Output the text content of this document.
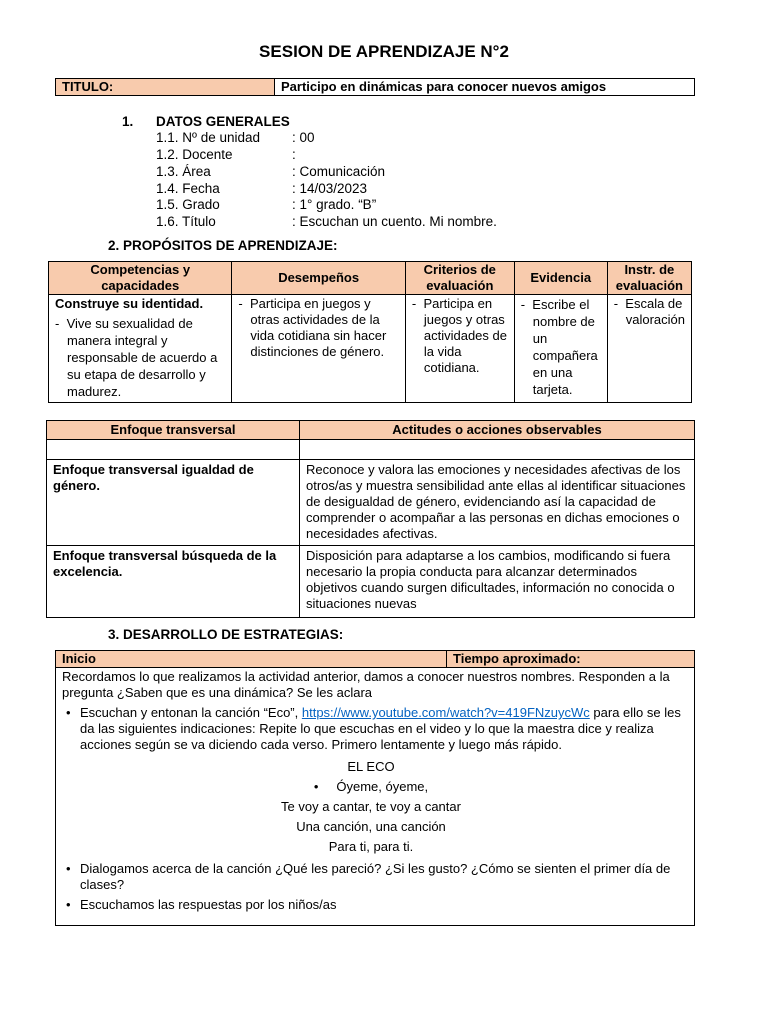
SESION DE APRENDIZAJE N°2
TITULO:	Participo en dinámicas para conocer nuevos amigos
1. DATOS GENERALES
1.1. Nº de unidad : 00
1.2. Docente	:
1.3. Área	: Comunicación
1.4. Fecha	: 14/03/2023
1.5. Grado	: 1° grado. “B”
1.6. Título	: Escuchan un cuento. Mi nombre.
2. PROPÓSITOS DE APRENDIZAJE:
Competencias y capacidades	Desempeños	Criterios de evaluación	Evidencia	Instr. de evaluación

Construye su identidad.
-  Vive su sexualidad de manera integral y responsable de acuerdo a su etapa de desarrollo y madurez.	-  Participa en juegos y otras actividades de la vida cotidiana sin hacer distinciones de género.	-  Participa en juegos y otras actividades de la vida cotidiana.	-  Escribe el nombre de un compañera en una tarjeta.	-  Escala de valoración
Enfoque transversal	Actitudes o acciones observables

Enfoque transversal igualdad de género.	Reconoce y valora las emociones y necesidades afectivas de los otros/as y muestra sensibilidad ante ellas al identificar situaciones de desigualdad de género, evidenciando así la capacidad de comprender o acompañar a las personas en dichas emociones o necesidades afectivas.
Enfoque transversal búsqueda de la excelencia.	Disposición para adaptarse a los cambios, modificando si fuera necesario la propia conducta para alcanzar determinados objetivos cuando surgen dificultades, información no conocida o situaciones nuevas
3. DESARROLLO DE ESTRATEGIAS:
Inicio	Tiempo aproximado:

Recordamos lo que realizamos la actividad anterior, damos a conocer nuestros nombres. Responden a la pregunta ¿Saben que es una dinámica? Se les aclara
• Escuchan y entonan la canción “Eco”, https://www.youtube.com/watch?v=419FNzuycWc para ello se les da las siguientes indicaciones: Repite lo que escuchas en el video y lo que la maestra dice y realiza acciones según se va diciendo cada verso. Primero lentamente y luego más rápido.
EL ECO
• Óyeme, óyeme,
Te voy a cantar, te voy a cantar
Una canción, una canción
Para ti, para ti.
• Dialogamos acerca de la canción ¿Qué les pareció? ¿Si les gusto? ¿Cómo se sienten el primer día de clases?
• Escuchamos las respuestas por los niños/as
